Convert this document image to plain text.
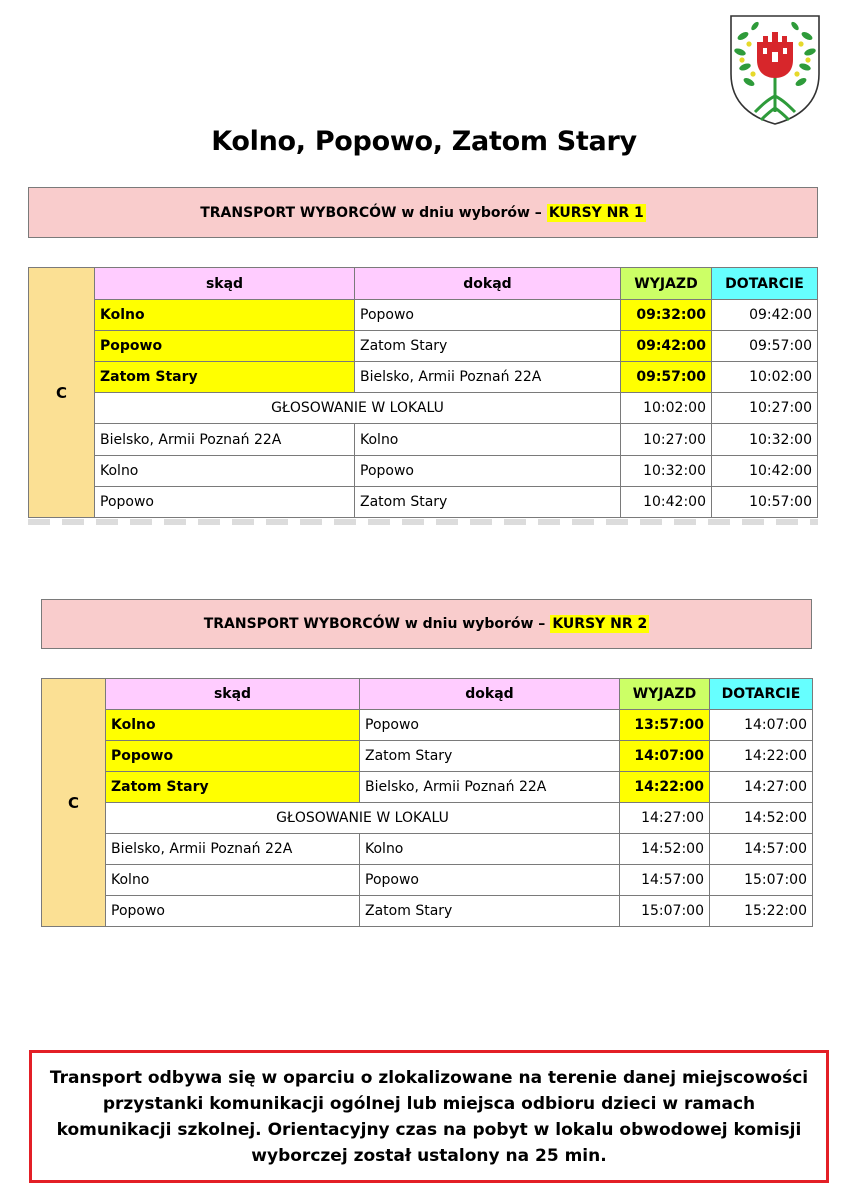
Kolno, Popowo, Zatom Stary
TRANSPORT WYBORCÓW w dniu wyborów – KURSY NR 1
C	skąd	dokąd	WYJAZD	DOTARCIE
	Kolno	Popowo	09:32:00	09:42:00
	Popowo	Zatom Stary	09:42:00	09:57:00
	Zatom Stary	Bielsko, Armii Poznań 22A	09:57:00	10:02:00
	GŁOSOWANIE W LOKALU		10:02:00	10:27:00
	Bielsko, Armii Poznań 22A	Kolno	10:27:00	10:32:00
	Kolno	Popowo	10:32:00	10:42:00
	Popowo	Zatom Stary	10:42:00	10:57:00
TRANSPORT WYBORCÓW w dniu wyborów – KURSY NR 2
C	skąd	dokąd	WYJAZD	DOTARCIE
	Kolno	Popowo	13:57:00	14:07:00
	Popowo	Zatom Stary	14:07:00	14:22:00
	Zatom Stary	Bielsko, Armii Poznań 22A	14:22:00	14:27:00
	GŁOSOWANIE W LOKALU		14:27:00	14:52:00
	Bielsko, Armii Poznań 22A	Kolno	14:52:00	14:57:00
	Kolno	Popowo	14:57:00	15:07:00
	Popowo	Zatom Stary	15:07:00	15:22:00
Transport odbywa się w oparciu o zlokalizowane na terenie danej miejscowości przystanki komunikacji ogólnej lub miejsca odbioru dzieci w ramach komunikacji szkolnej. Orientacyjny czas na pobyt w lokalu obwodowej komisji wyborczej został ustalony na 25 min.
